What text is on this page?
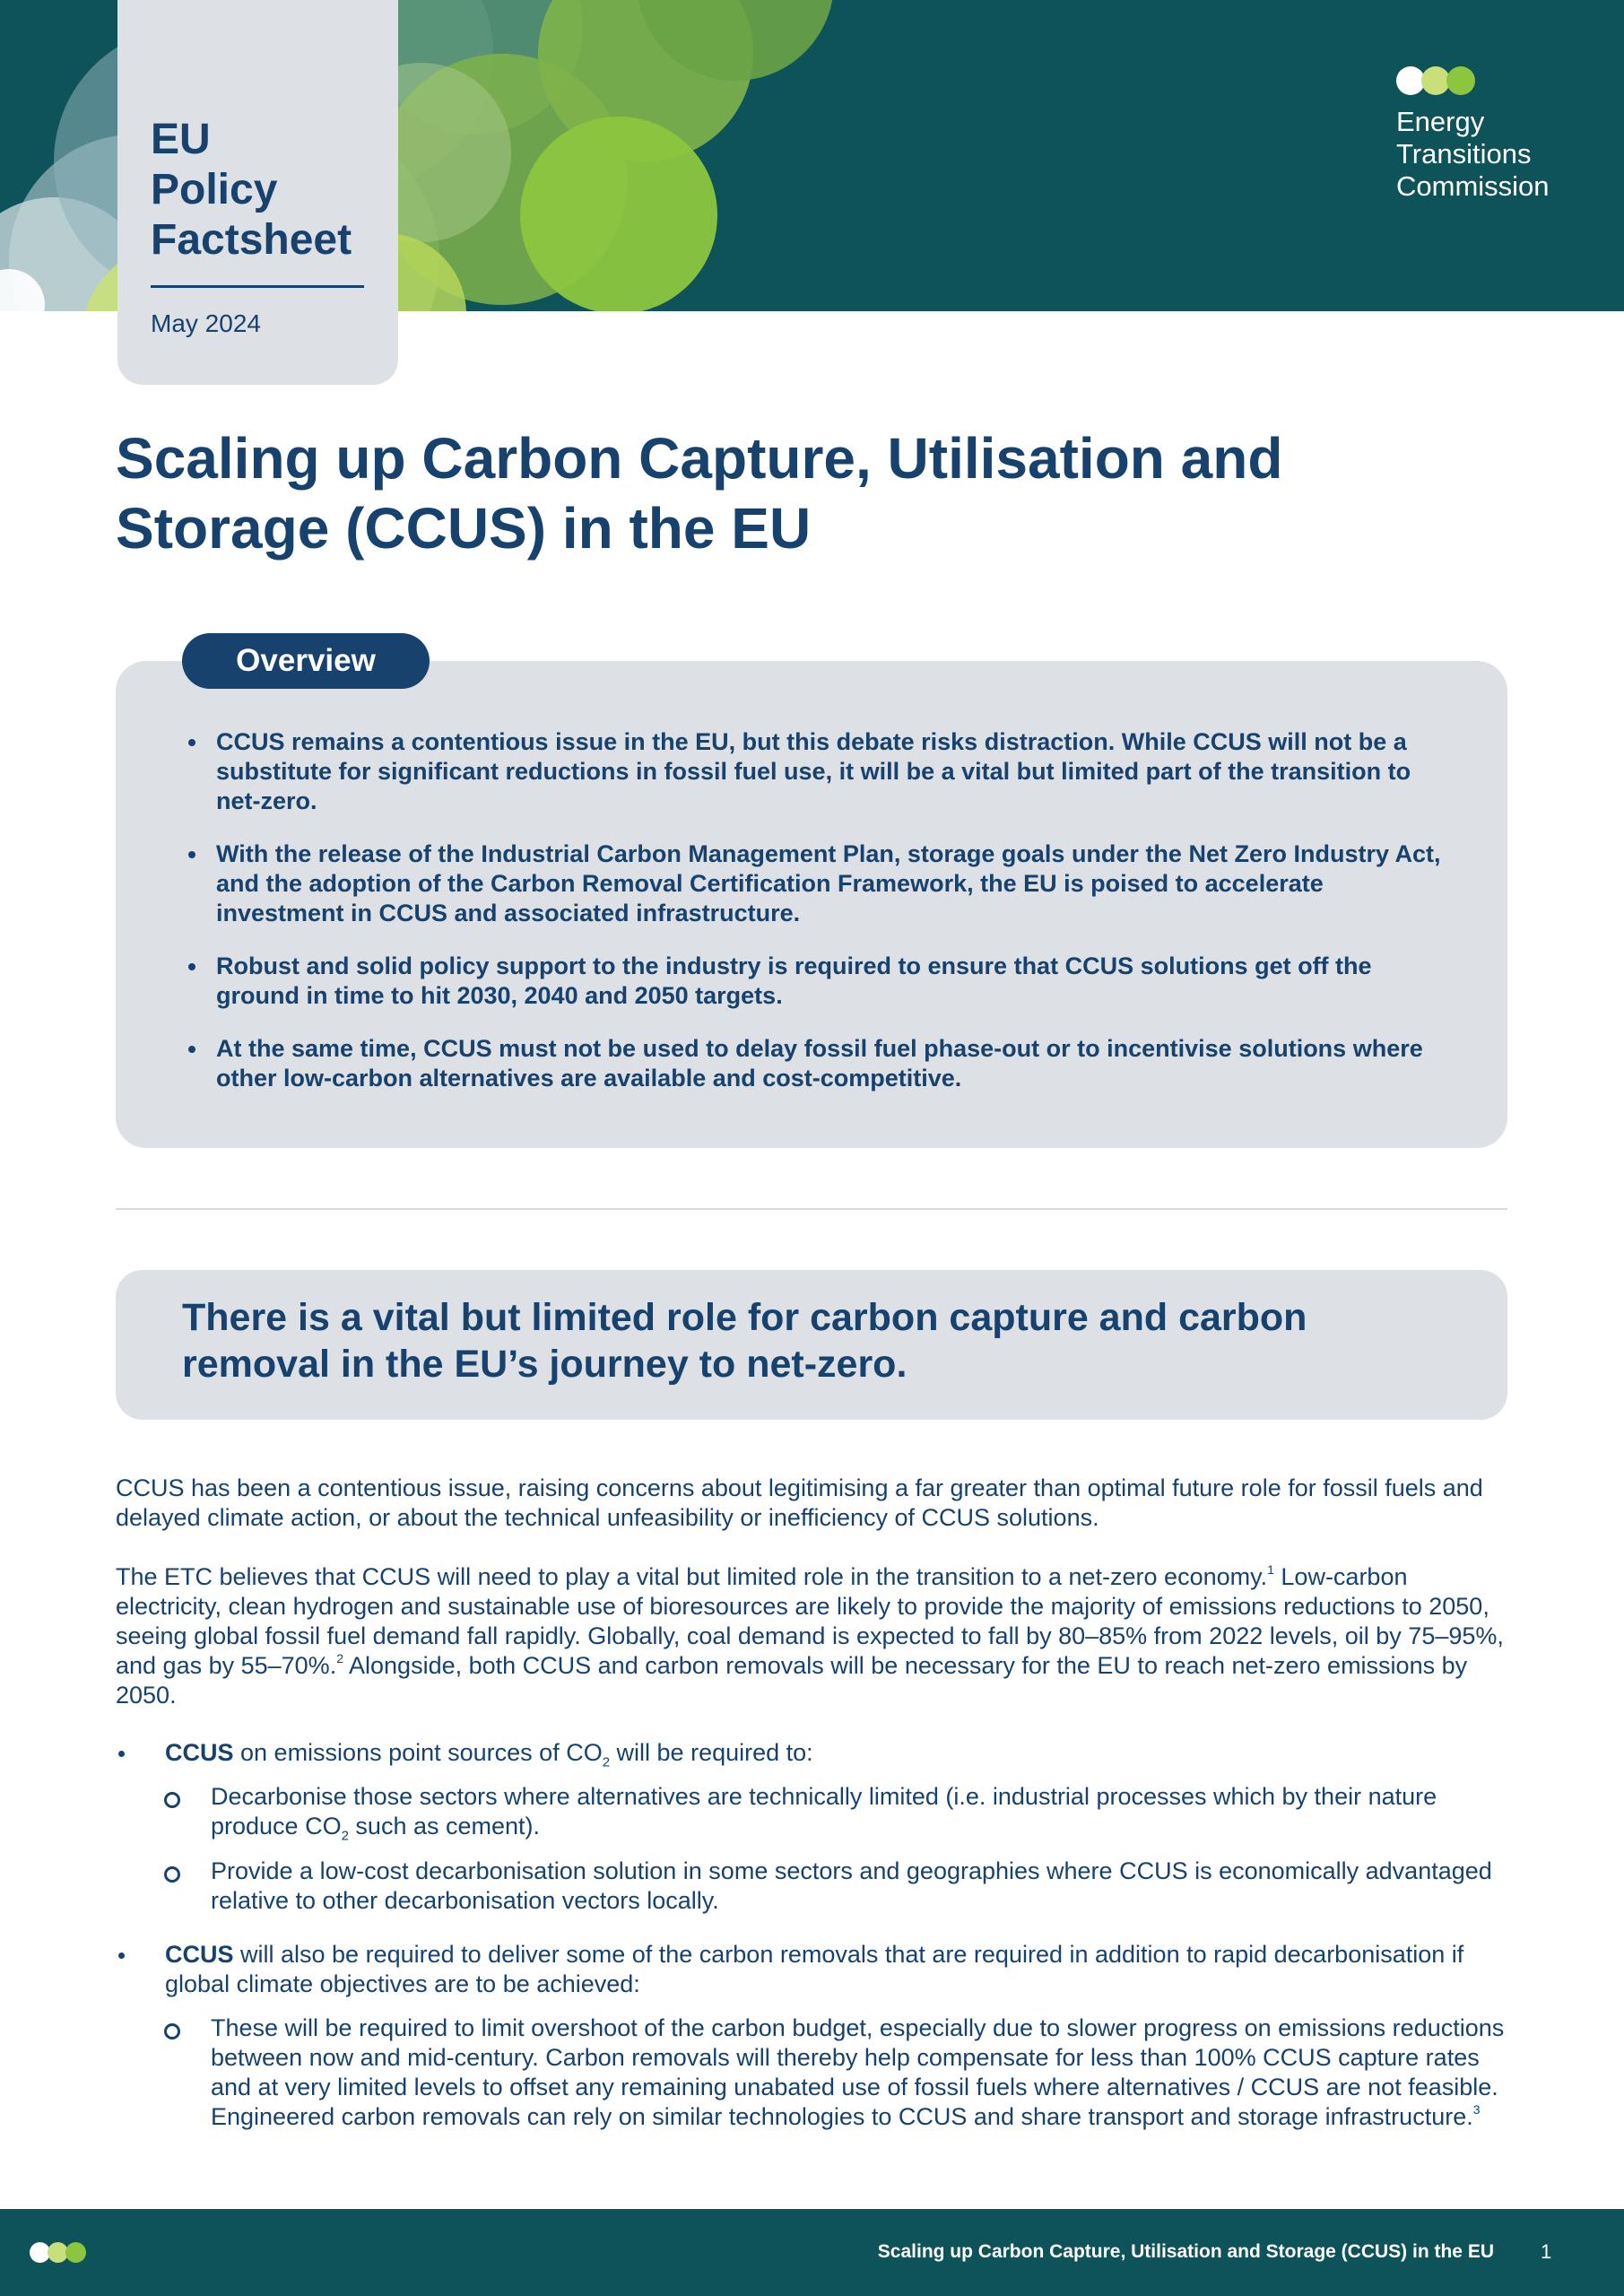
Energy
Transitions
Commission
EU
Policy
Factsheet
May 2024
Scaling up Carbon Capture, Utilisation and Storage (CCUS) in the EU
CCUS remains a contentious issue in the EU, but this debate risks distraction. While CCUS will not be a substitute for significant reductions in fossil fuel use, it will be a vital but limited part of the transition to net-zero.
With the release of the Industrial Carbon Management Plan, storage goals under the Net Zero Industry Act, and the adoption of the Carbon Removal Certification Framework, the EU is poised to accelerate investment in CCUS and associated infrastructure.
Robust and solid policy support to the industry is required to ensure that CCUS solutions get off the ground in time to hit 2030, 2040 and 2050 targets.
At the same time, CCUS must not be used to delay fossil fuel phase-out or to incentivise solutions where other low-carbon alternatives are available and cost-competitive.
Overview

There is a vital but limited role for carbon capture and carbon removal in the EU’s journey to net-zero.

CCUS has been a contentious issue, raising concerns about legitimising a far greater than optimal future role for fossil fuels and delayed climate action, or about the technical unfeasibility or inefficiency of CCUS solutions.

The ETC believes that CCUS will need to play a vital but limited role in the transition to a net-zero economy.$^1$ Low-carbon electricity, clean hydrogen and sustainable use of bioresources are likely to provide the majority of emissions reductions to 2050, seeing global fossil fuel demand fall rapidly. Globally, coal demand is expected to fall by 80–85% from 2022 levels, oil by 75–95%, and gas by 55–70%.$^2$ Alongside, both CCUS and carbon removals will be necessary for the EU to reach net-zero emissions by 2050.

CCUS on emissions point sources of $CO_2$ will be required to:
Decarbonise those sectors where alternatives are technically limited (i.e. industrial processes which by their nature produce $CO_2$ such as cement).
Provide a low-cost decarbonisation solution in some sectors and geographies where CCUS is economically advantaged relative to other decarbonisation vectors locally.
CCUS will also be required to deliver some of the carbon removals that are required in addition to rapid decarbonisation if global climate objectives are to be achieved:
These will be required to limit overshoot of the carbon budget, especially due to slower progress on emissions reductions between now and mid-century. Carbon removals will thereby help compensate for less than 100% CCUS capture rates and at very limited levels to offset any remaining unabated use of fossil fuels where alternatives / CCUS are not feasible. Engineered carbon removals can rely on similar technologies to CCUS and share transport and storage infrastructure.$^3$
Scaling up Carbon Capture, Utilisation and Storage (CCUS) in the EU 1
